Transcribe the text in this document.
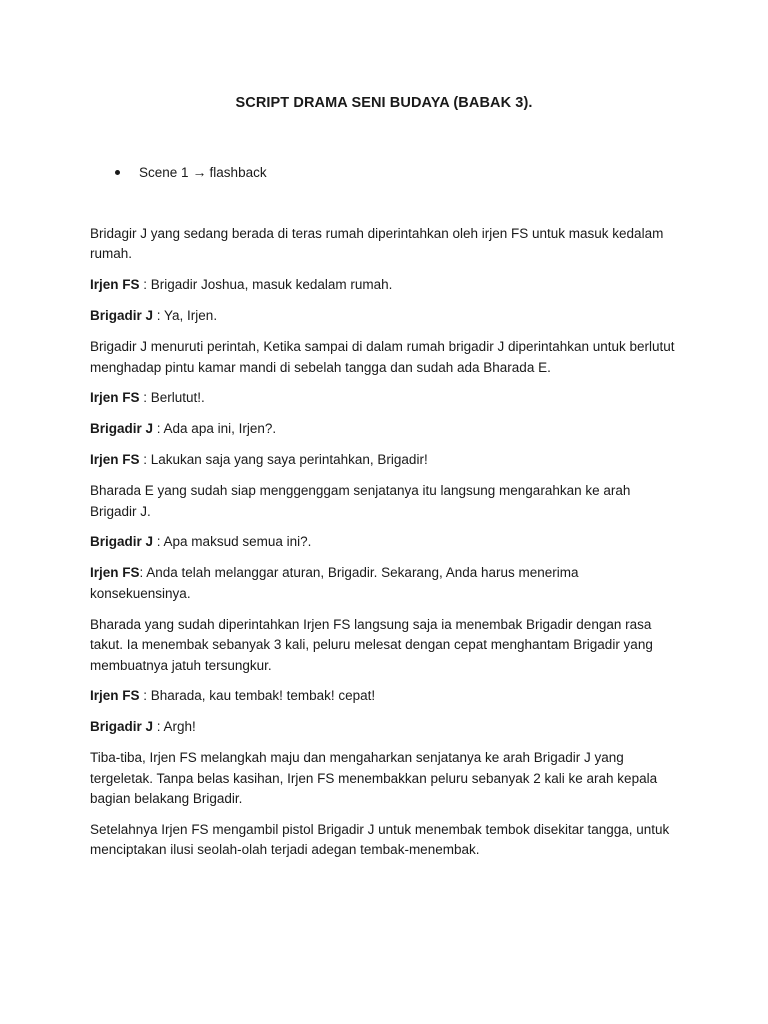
SCRIPT DRAMA SENI BUDAYA (BABAK 3).
Scene 1 → flashback

Bridagir J yang sedang berada di teras rumah diperintahkan oleh irjen FS untuk masuk kedalam rumah.

Irjen FS : Brigadir Joshua, masuk kedalam rumah.

Brigadir J : Ya, Irjen.

Brigadir J menuruti perintah, Ketika sampai di dalam rumah brigadir J diperintahkan untuk berlutut menghadap pintu kamar mandi di sebelah tangga dan sudah ada Bharada E.

Irjen FS : Berlutut!.

Brigadir J : Ada apa ini, Irjen?.

Irjen FS : Lakukan saja yang saya perintahkan, Brigadir!

Bharada E yang sudah siap menggenggam senjatanya itu langsung mengarahkan ke arah Brigadir J.

Brigadir J : Apa maksud semua ini?.

Irjen FS: Anda telah melanggar aturan, Brigadir. Sekarang, Anda harus menerima konsekuensinya.

Bharada yang sudah diperintahkan Irjen FS langsung saja ia menembak Brigadir dengan rasa takut. Ia menembak sebanyak 3 kali, peluru melesat dengan cepat menghantam Brigadir yang membuatnya jatuh tersungkur.

Irjen FS : Bharada, kau tembak! tembak! cepat!

Brigadir J : Argh!

Tiba-tiba, Irjen FS melangkah maju dan mengaharkan senjatanya ke arah Brigadir J yang tergeletak. Tanpa belas kasihan, Irjen FS menembakkan peluru sebanyak 2 kali ke arah kepala bagian belakang Brigadir.

Setelahnya Irjen FS mengambil pistol Brigadir J untuk menembak tembok disekitar tangga, untuk menciptakan ilusi seolah-olah terjadi adegan tembak-menembak.
